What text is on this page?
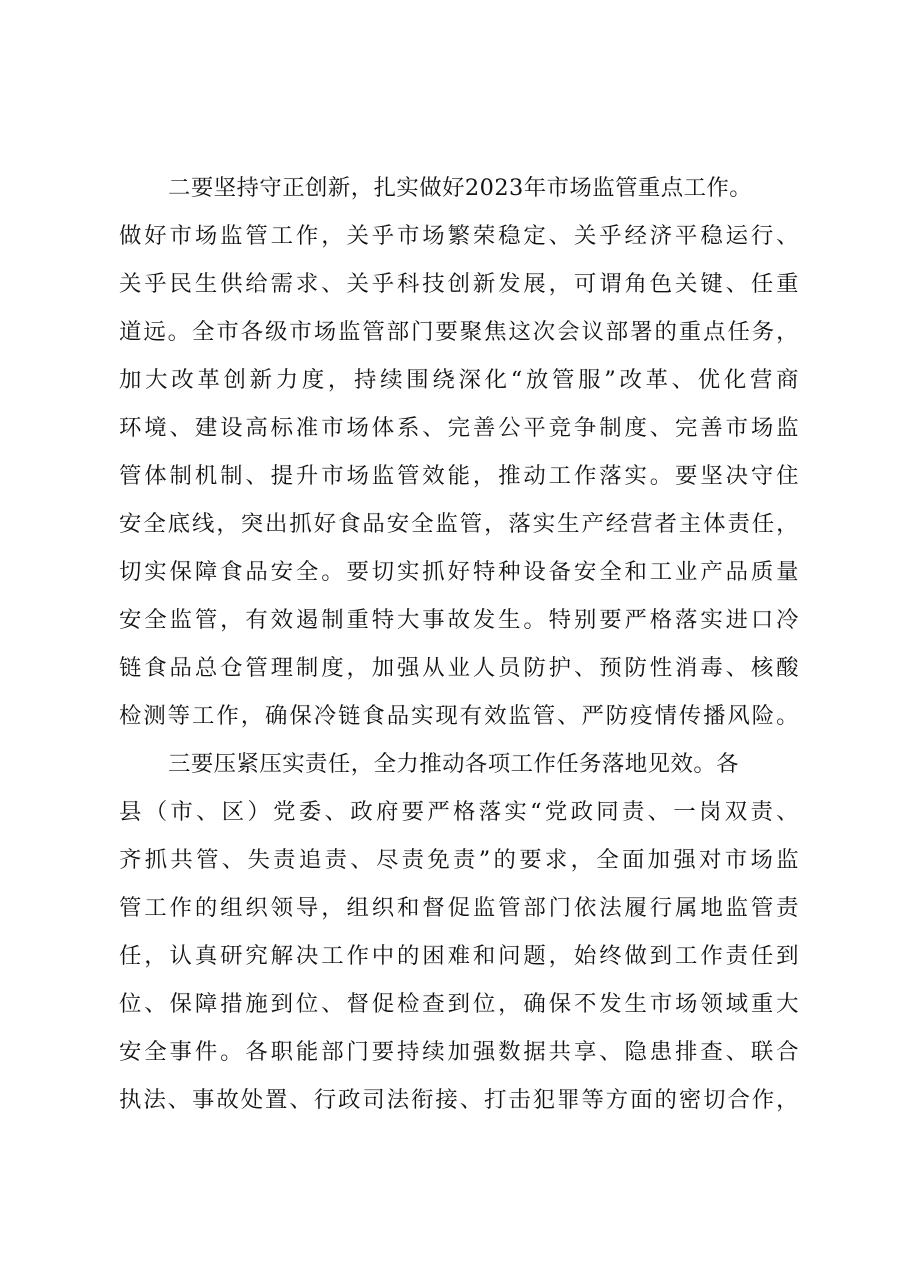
二要坚持守正创新，扎实做好2023年市场监管重点工作。
做好市场监管工作，关乎市场繁荣稳定、关乎经济平稳运行、
关乎民生供给需求、关乎科技创新发展，可谓角色关键、任重
道远。全市各级市场监管部门要聚焦这次会议部署的重点任务，
加大改革创新力度，持续围绕深化“放管服”改革、优化营商
环境、建设高标准市场体系、完善公平竞争制度、完善市场监
管体制机制、提升市场监管效能，推动工作落实。要坚决守住
安全底线，突出抓好食品安全监管，落实生产经营者主体责任，
切实保障食品安全。要切实抓好特种设备安全和工业产品质量
安全监管，有效遏制重特大事故发生。特别要严格落实进口冷
链食品总仓管理制度，加强从业人员防护、预防性消毒、核酸
检测等工作，确保冷链食品实现有效监管、严防疫情传播风险。
三要压紧压实责任，全力推动各项工作任务落地见效。各
县（市、区）党委、政府要严格落实“党政同责、一岗双责、
齐抓共管、失责追责、尽责免责”的要求，全面加强对市场监
管工作的组织领导，组织和督促监管部门依法履行属地监管责
任，认真研究解决工作中的困难和问题，始终做到工作责任到
位、保障措施到位、督促检查到位，确保不发生市场领域重大
安全事件。各职能部门要持续加强数据共享、隐患排查、联合
执法、事故处置、行政司法衔接、打击犯罪等方面的密切合作，
